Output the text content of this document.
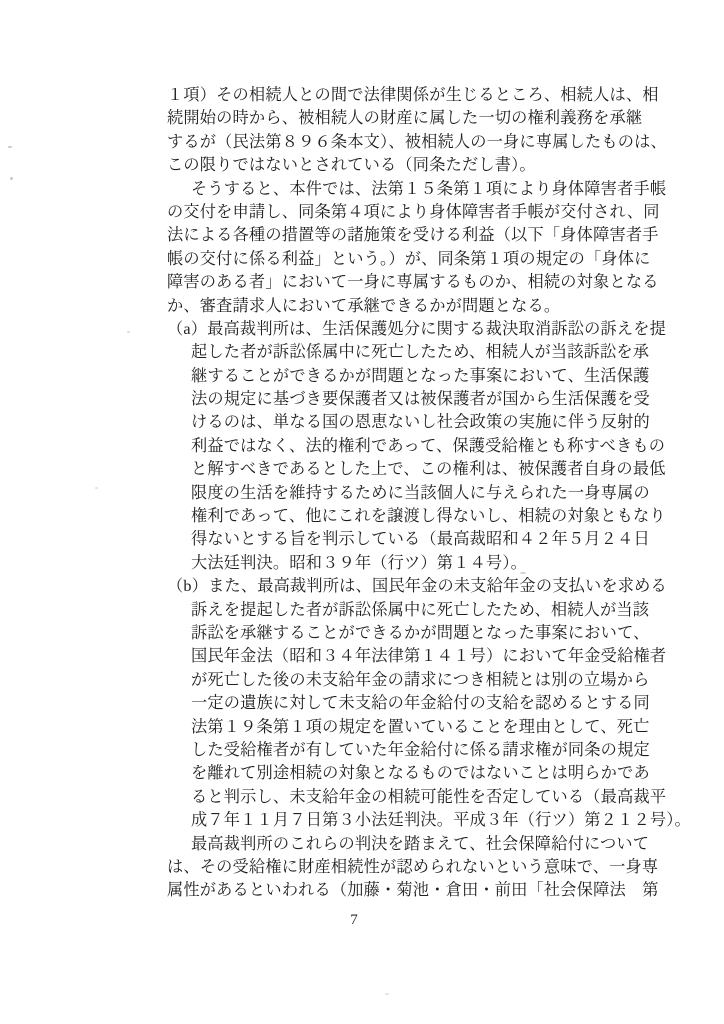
１項）その相続人との間で法律関係が生じるところ、相続人は、相

続開始の時から、被相続人の財産に属した一切の権利義務を承継

するが（民法第８９６条本文）、被相続人の一身に専属したものは、

この限りではないとされている（同条ただし書）。

そうすると、本件では、法第１５条第１項により身体障害者手帳

の交付を申請し、同条第４項により身体障害者手帳が交付され、同

法による各種の措置等の諸施策を受ける利益（以下「身体障害者手

帳の交付に係る利益」という。）が、同条第１項の規定の「身体に

障害のある者」において一身に専属するものか、相続の対象となる

か、審査請求人において承継できるかが問題となる。

（a）最高裁判所は、生活保護処分に関する裁決取消訴訟の訴えを提

起した者が訴訟係属中に死亡したため、相続人が当該訴訟を承

継することができるかが問題となった事案において、生活保護

法の規定に基づき要保護者又は被保護者が国から生活保護を受

けるのは、単なる国の恩恵ないし社会政策の実施に伴う反射的

利益ではなく、法的権利であって、保護受給権とも称すべきもの

と解すべきであるとした上で、この権利は、被保護者自身の最低

限度の生活を維持するために当該個人に与えられた一身専属の

権利であって、他にこれを譲渡し得ないし、相続の対象ともなり

得ないとする旨を判示している（最高裁昭和４２年５月２４日

大法廷判決。昭和３９年（行ツ）第１４号）。

（b）また、最高裁判所は、国民年金の未支給年金の支払いを求める

訴えを提起した者が訴訟係属中に死亡したため、相続人が当該

訴訟を承継することができるかが問題となった事案において、

国民年金法（昭和３４年法律第１４１号）において年金受給権者

が死亡した後の未支給年金の請求につき相続とは別の立場から

一定の遺族に対して未支給の年金給付の支給を認めるとする同

法第１９条第１項の規定を置いていることを理由として、死亡

した受給権者が有していた年金給付に係る請求権が同条の規定

を離れて別途相続の対象となるものではないことは明らかであ

ると判示し、未支給年金の相続可能性を否定している（最高裁平

成７年１１月７日第３小法廷判決。平成３年（行ツ）第２１２号）。

最高裁判所のこれらの判決を踏まえて、社会保障給付について

は、その受給権に財産相続性が認められないという意味で、一身専

属性があるといわれる（加藤・菊池・倉田・前田「社会保障法　第

7
